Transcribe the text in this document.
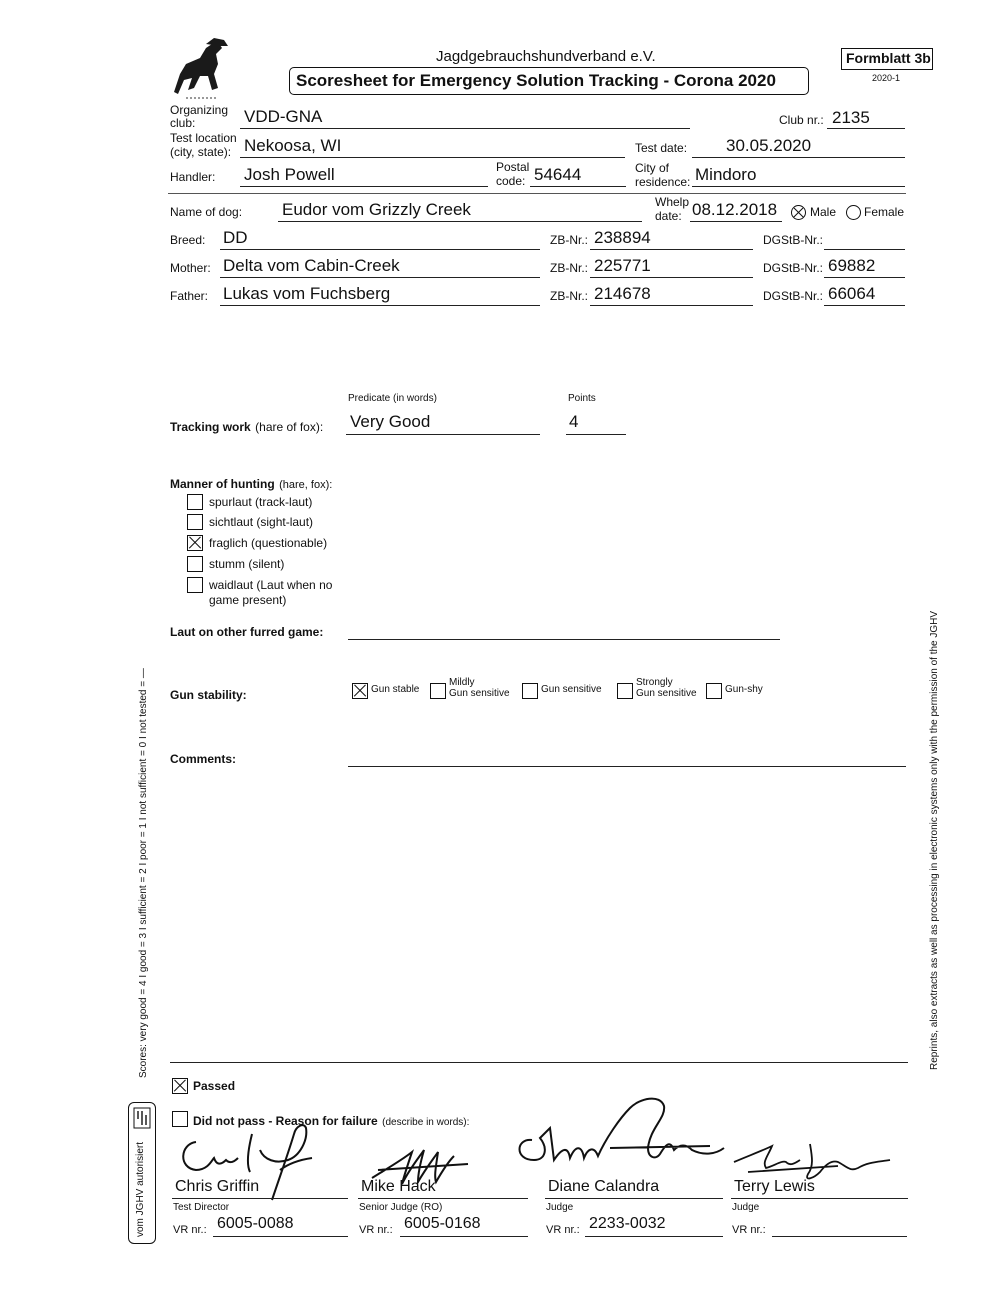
Jagdgebrauchshundverband e.V.
Scoresheet for Emergency Solution Tracking - Corona 2020
Formblatt 3b
2020-1
Organizing club:	VDD-GNA	Club nr.: 2135
Test location (city, state): Nekoosa, WI	Test date: 30.05.2020
Handler: Josh Powell	Postal code: 54644	City of residence: Mindoro
Name of dog: Eudor vom Grizzly Creek	Whelp date: 08.12.2018	Male Female
Breed: DD	ZB-Nr.: 238894	DGStB-Nr.:
Mother: Delta vom Cabin-Creek	ZB-Nr.: 225771	DGStB-Nr.: 69882
Father: Lukas vom Fuchsberg	ZB-Nr.: 214678	DGStB-Nr.: 66064
Predicate (in words)	Points
Tracking work (hare of fox): Very Good	4
Manner of hunting (hare, fox):
spurlaut (track-laut)
sichtlaut (sight-laut)
fraglich (questionable)
stumm (silent)
waidlaut (Laut when no
game present)
Laut on other furred game:
Gun stability:	Gun stable
Mildly
Gun sensitive	Gun sensitive
Strongly
Gun sensitive	Gun-shy
Comments:
Passed
Did not pass - Reason for failure (describe in words):
Chris Griffin
Test Director
VR nr.: 6005-0088
Mike Hack
Senior Judge (RO)
VR nr.: 6005-0168
Diane Calandra
Judge
VR nr.: 2233-0032
Terry Lewis
Judge
VR nr.:
Scores: very good = 4 I good = 3 I sufficient = 2 I poor = 1 I not sufficient = 0 I not tested = —
vom JGHV autorisiert
Reprints, also extracts as well as processing in electronic systems only with the permission of the JGHV
